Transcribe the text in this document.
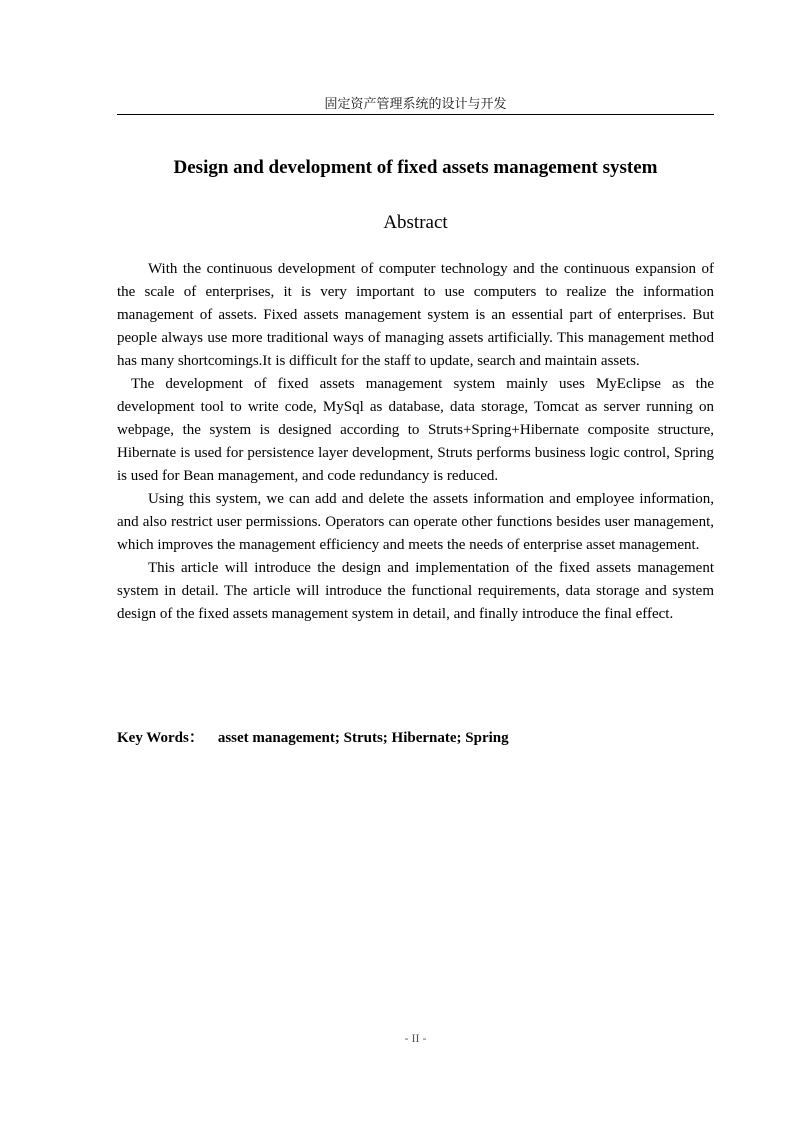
固定资产管理系统的设计与开发
Design and development of fixed assets management system
Abstract

With the continuous development of computer technology and the continuous expansion of the scale of enterprises, it is very important to use computers to realize the information management of assets. Fixed assets management system is an essential part of enterprises. But people always use more traditional ways of managing assets artificially. This management method has many shortcomings.It is difficult for the staff to update, search and maintain assets.

The development of fixed assets management system mainly uses MyEclipse as the development tool to write code, MySql as database, data storage, Tomcat as server running on webpage, the system is designed according to Struts+Spring+Hibernate composite structure, Hibernate is used for persistence layer development, Struts performs business logic control, Spring is used for Bean management, and code redundancy is reduced.

Using this system, we can add and delete the assets information and employee information, and also restrict user permissions. Operators can operate other functions besides user management, which improves the management efficiency and meets the needs of enterprise asset management.

This article will introduce the design and implementation of the fixed assets management system in detail. The article will introduce the functional requirements, data storage and system design of the fixed assets management system in detail, and finally introduce the final effect.

Key Words： asset management; Struts; Hibernate; Spring
- II -
